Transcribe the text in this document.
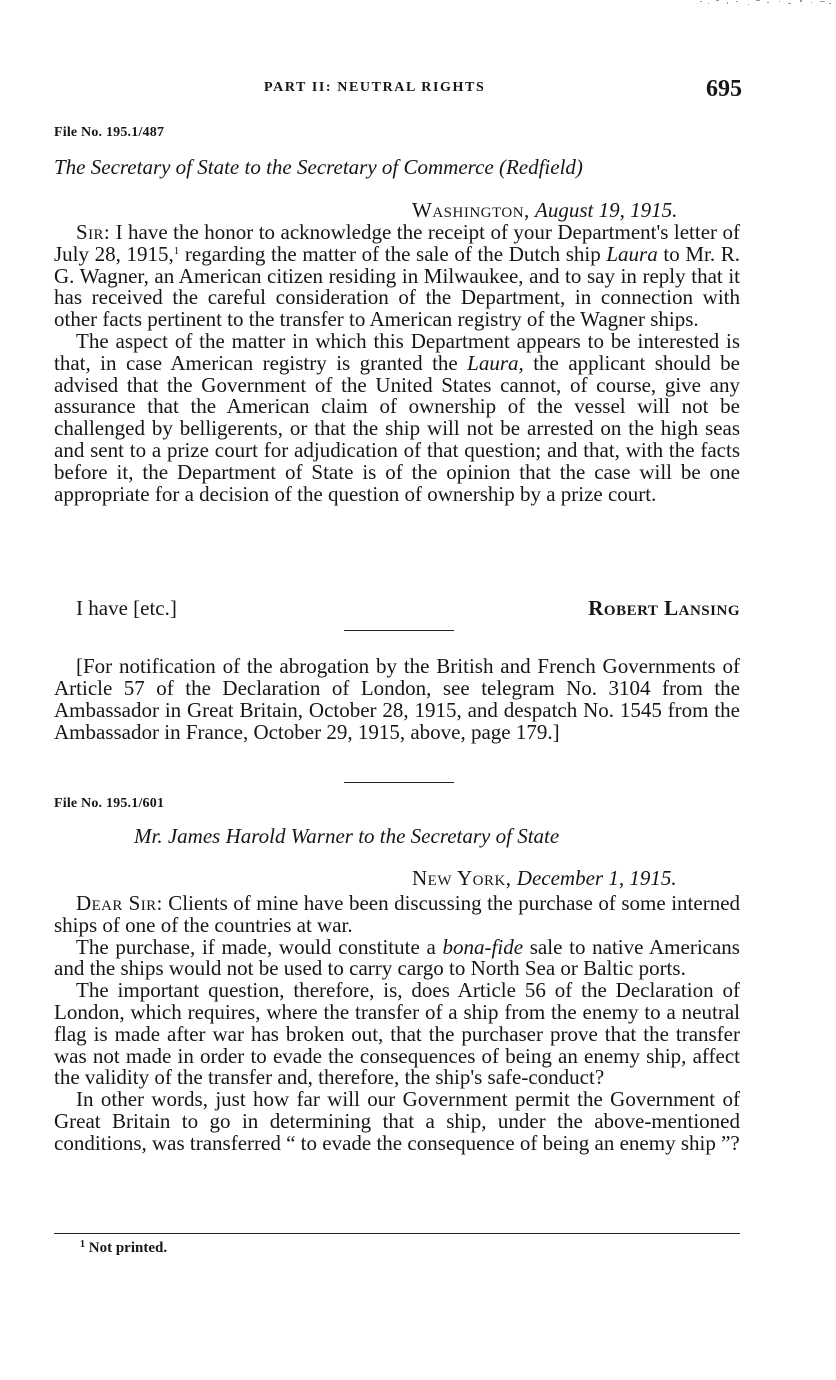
PART II: NEUTRAL RIGHTS	695
File No. 195.1/487
The Secretary of State to the Secretary of Commerce (Redfield)
Washington, August 19, 1915.

Sir: I have the honor to acknowledge the receipt of your Department's letter of July 28, 1915,$^1$ regarding the matter of the sale of the Dutch ship Laura to Mr. R. G. Wagner, an American citizen residing in Milwaukee, and to say in reply that it has received the careful consideration of the Department, in connection with other facts pertinent to the transfer to American registry of the Wagner ships.

The aspect of the matter in which this Department appears to be interested is that, in case American registry is granted the Laura, the applicant should be advised that the Government of the United States cannot, of course, give any assurance that the American claim of ownership of the vessel will not be challenged by belligerents, or that the ship will not be arrested on the high seas and sent to a prize court for adjudication of that question; and that, with the facts before it, the Department of State is of the opinion that the case will be one appropriate for a decision of the question of ownership by a prize court.

I have [etc.]	Robert Lansing

[For notification of the abrogation by the British and French Governments of Article 57 of the Declaration of London, see telegram No. 3104 from the Ambassador in Great Britain, October 28, 1915, and despatch No. 1545 from the Ambassador in France, October 29, 1915, above, page 179.]

File No. 195.1/601
Mr. James Harold Warner to the Secretary of State
New York, December 1, 1915.

Dear Sir: Clients of mine have been discussing the purchase of some interned ships of one of the countries at war.

The purchase, if made, would constitute a bona-fide sale to native Americans and the ships would not be used to carry cargo to North Sea or Baltic ports.

The important question, therefore, is, does Article 56 of the Declaration of London, which requires, where the transfer of a ship from the enemy to a neutral flag is made after war has broken out, that the purchaser prove that the transfer was not made in order to evade the consequences of being an enemy ship, affect the validity of the transfer and, therefore, the ship's safe-conduct?

In other words, just how far will our Government permit the Government of Great Britain to go in determining that a ship, under the above-mentioned conditions, was transferred “ to evade the consequence of being an enemy ship ”?

$^1$ Not printed.
